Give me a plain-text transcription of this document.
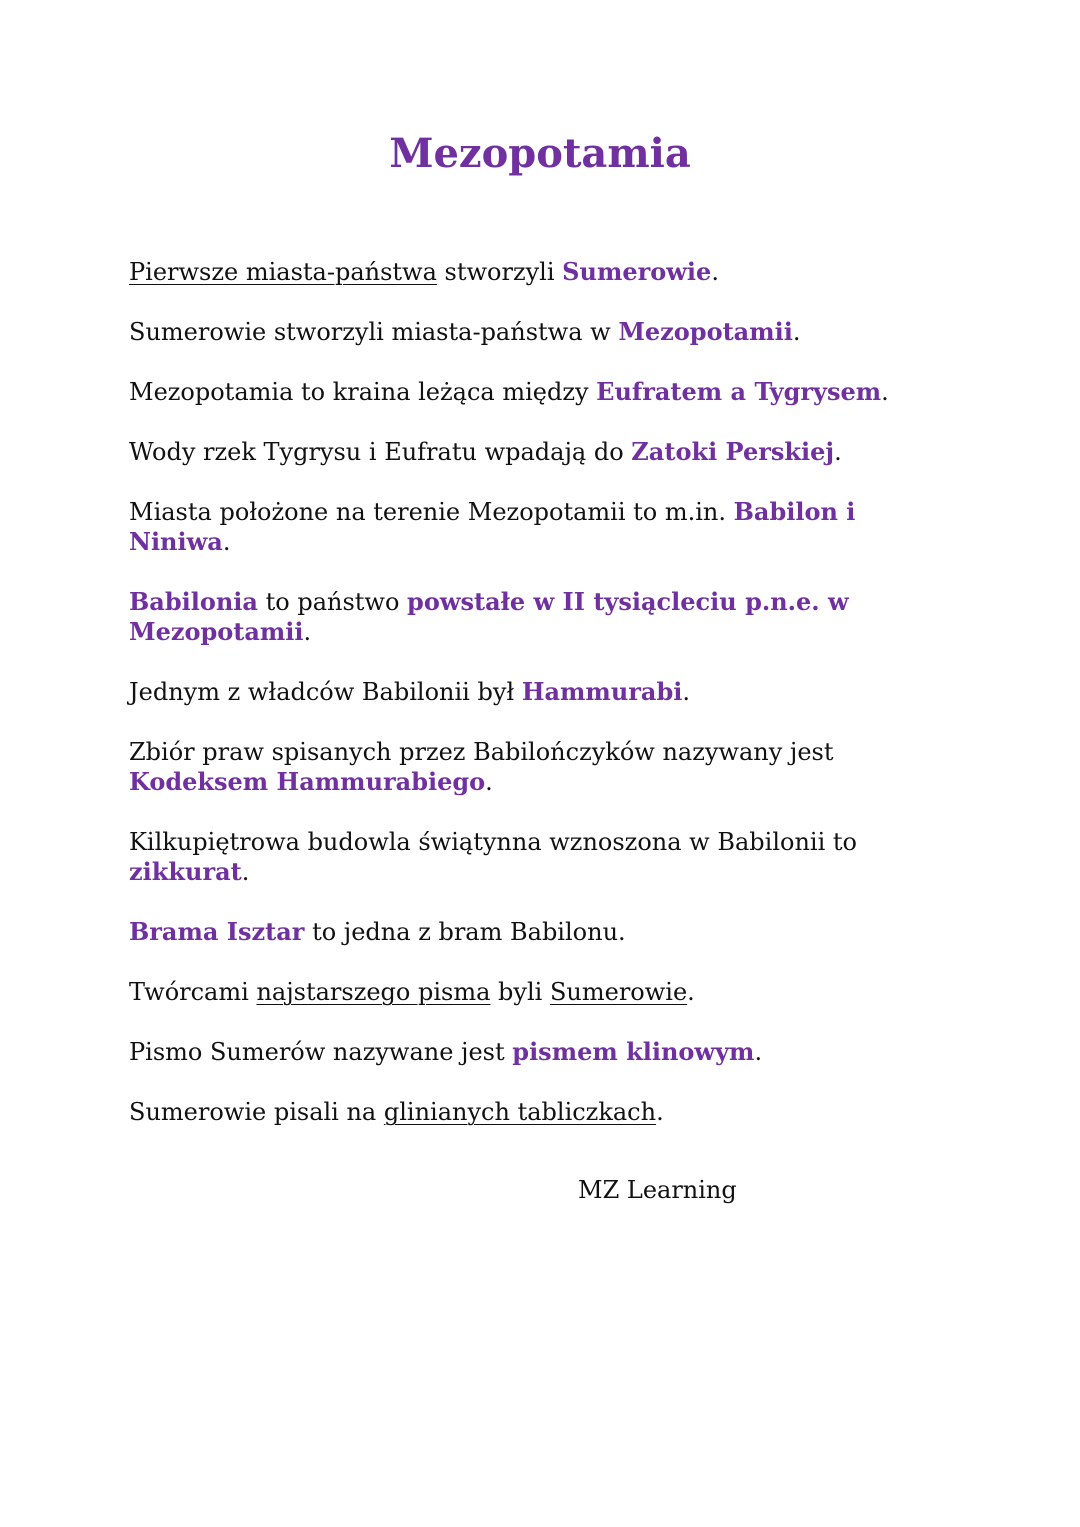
Mezopotamia

Pierwsze miasta-państwa stworzyli Sumerowie.

Sumerowie stworzyli miasta-państwa w Mezopotamii.

Mezopotamia to kraina leżąca między Eufratem a Tygrysem.

Wody rzek Tygrysu i Eufratu wpadają do Zatoki Perskiej.

Miasta położone na terenie Mezopotamii to m.in. Babilon i Niniwa.

Babilonia to państwo powstałe w II tysiącleciu p.n.e. w Mezopotamii.

Jednym z władców Babilonii był Hammurabi.

Zbiór praw spisanych przez Babilończyków nazywany jest Kodeksem Hammurabiego.

Kilkupiętrowa budowla świątynna wznoszona w Babilonii to zikkurat.

Brama Isztar to jedna z bram Babilonu.

Twórcami najstarszego pisma byli Sumerowie.

Pismo Sumerów nazywane jest pismem klinowym.

Sumerowie pisali na glinianych tabliczkach.

MZ Learning
